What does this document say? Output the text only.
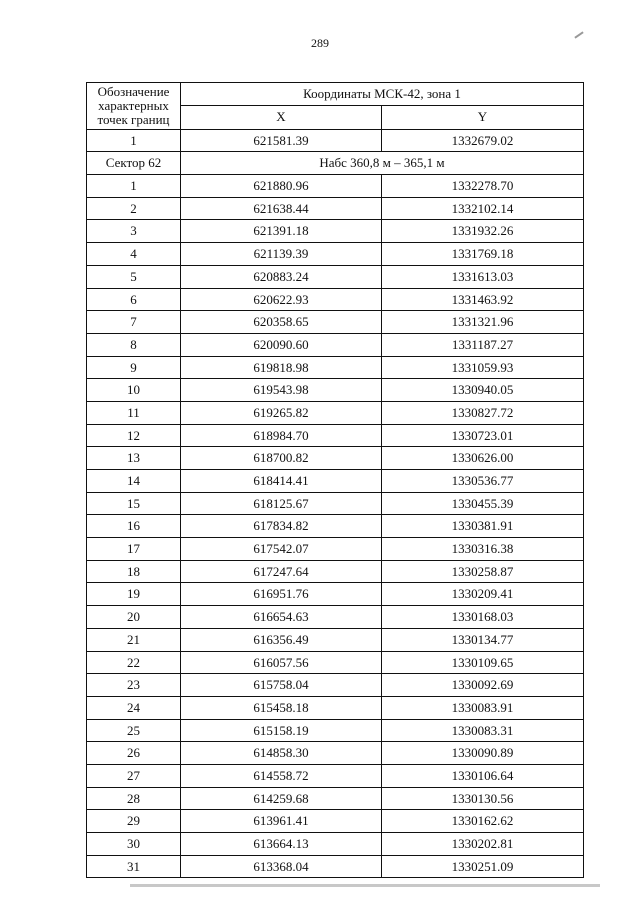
289
Обозначение
характерных
точек границ	Координаты МСК-42, зона 1	
	X	Y
1	621581.39	1332679.02
Сектор 62	Набс 360,8 м – 365,1 м	
1	621880.96	1332278.70
2	621638.44	1332102.14
3	621391.18	1331932.26
4	621139.39	1331769.18
5	620883.24	1331613.03
6	620622.93	1331463.92
7	620358.65	1331321.96
8	620090.60	1331187.27
9	619818.98	1331059.93
10	619543.98	1330940.05
11	619265.82	1330827.72
12	618984.70	1330723.01
13	618700.82	1330626.00
14	618414.41	1330536.77
15	618125.67	1330455.39
16	617834.82	1330381.91
17	617542.07	1330316.38
18	617247.64	1330258.87
19	616951.76	1330209.41
20	616654.63	1330168.03
21	616356.49	1330134.77
22	616057.56	1330109.65
23	615758.04	1330092.69
24	615458.18	1330083.91
25	615158.19	1330083.31
26	614858.30	1330090.89
27	614558.72	1330106.64
28	614259.68	1330130.56
29	613961.41	1330162.62
30	613664.13	1330202.81
31	613368.04	1330251.09
